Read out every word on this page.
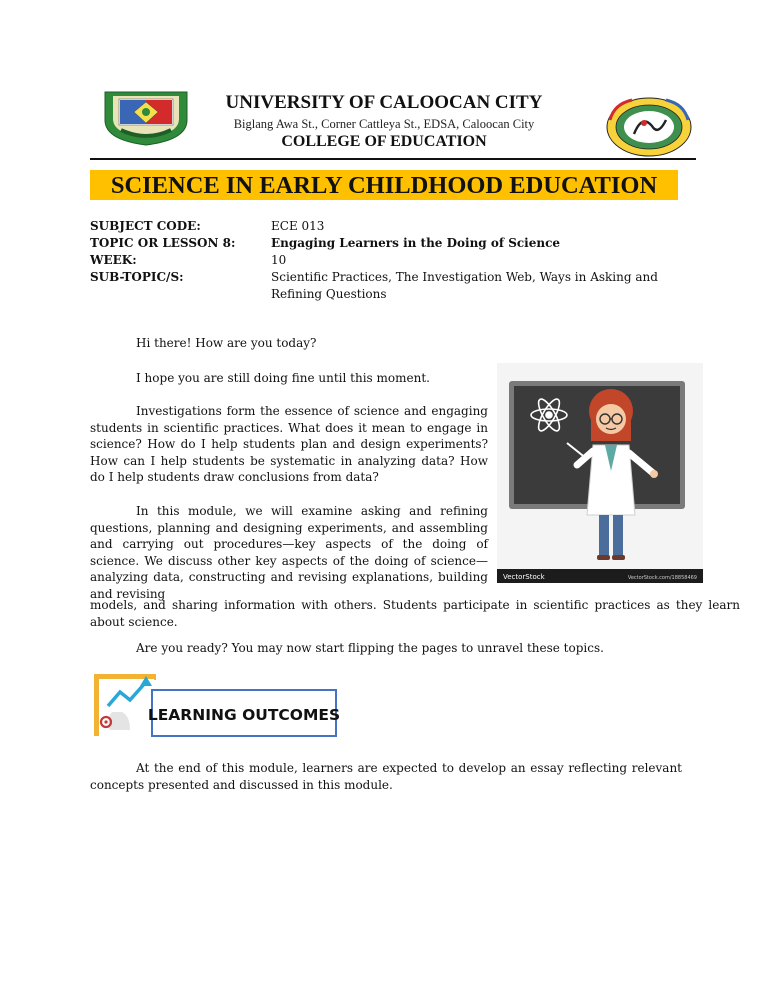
UNIVERSITY OF CALOOCAN CITY
Biglang Awa St., Corner Cattleya St., EDSA, Caloocan City
COLLEGE OF EDUCATION
SCIENCE IN EARLY CHILDHOOD EDUCATION
SUBJECT CODE:	ECE 013
TOPIC OR LESSON 8:	Engaging Learners in the Doing of Science
WEEK:	10
SUB-TOPIC/S:	Scientific Practices, The Investigation Web, Ways in Asking and Refining Questions
Hi there! How are you today?
I hope you are still doing fine until this moment.
Investigations form the essence of science and engaging students in scientific practices. What does it mean to engage in science? How do I help students plan and design experiments? How can I help students be systematic in analyzing data? How do I help students draw conclusions from data?
In this module, we will examine asking and refining questions, planning and designing experiments, and assembling and carrying out procedures—key aspects of the doing of science. We discuss other key aspects of the doing of science—analyzing data, constructing and revising explanations, building and revising
models, and sharing information with others. Students participate in scientific practices as they learn about science.
Are you ready? You may now start flipping the pages to unravel these topics.
VectorStock	VectorStock.com/18858469
LEARNING OUTCOMES
At the end of this module, learners are expected to develop an essay reflecting relevant concepts presented and discussed in this module.
